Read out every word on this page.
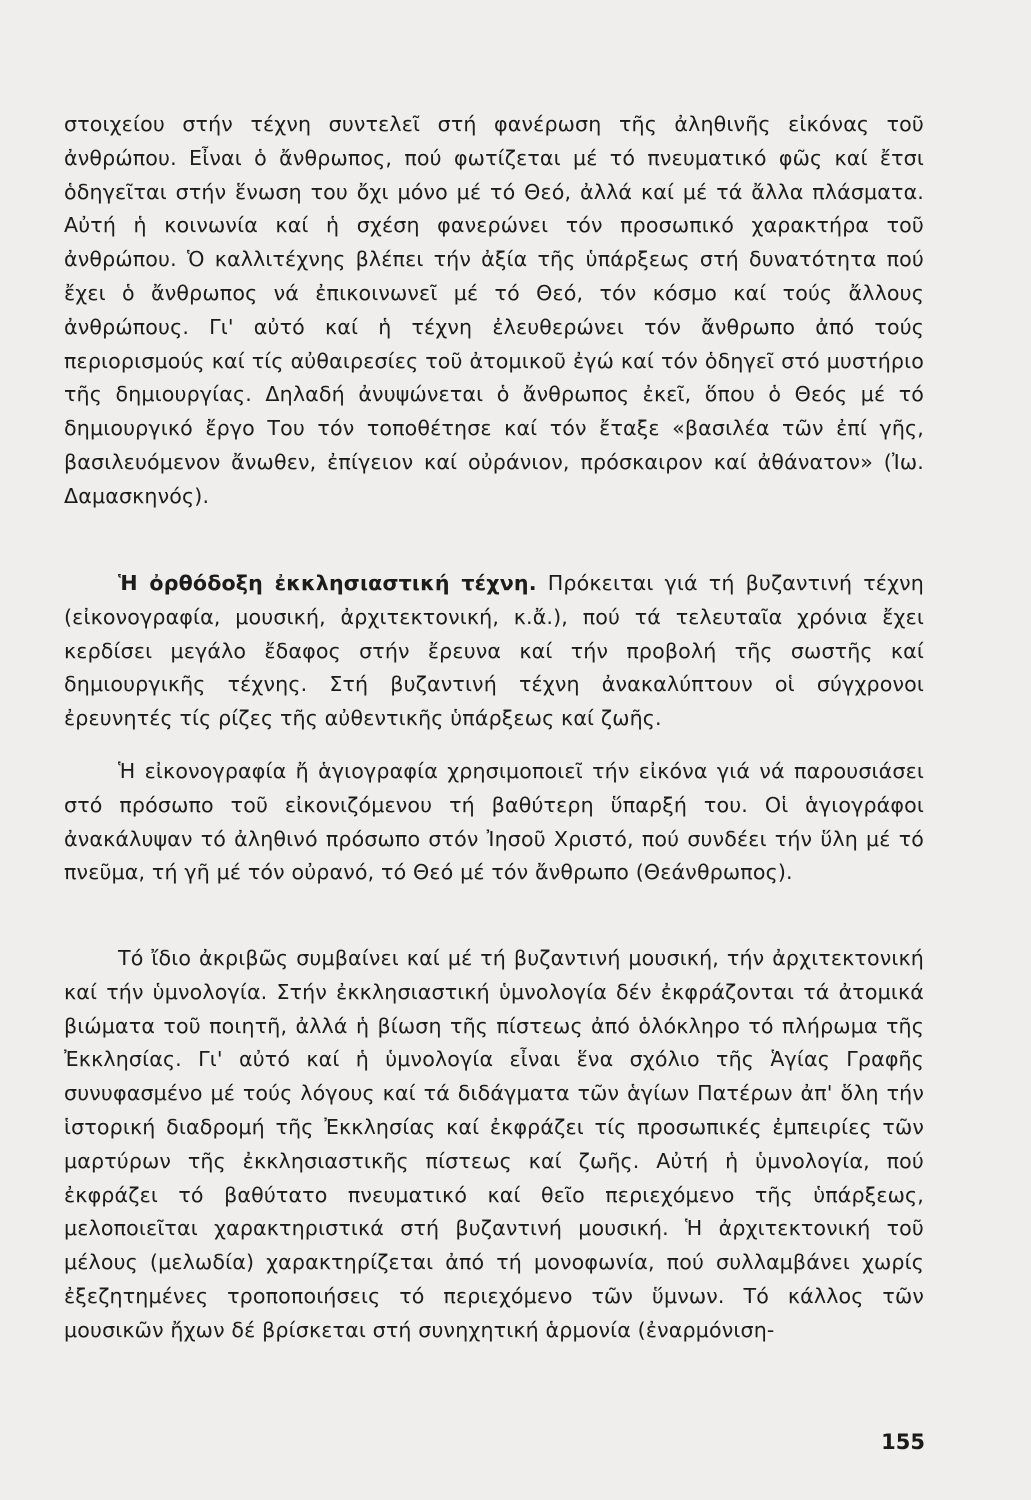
στοιχείου στήν τέχνη συντελεῖ στή φανέρωση τῆς ἀληθινῆς εἰκόνας τοῦ ἀνθρώπου. Εἶναι ὁ ἄνθρωπος, πού φωτίζεται μέ τό πνευματικό φῶς καί ἔτσι ὁδηγεῖται στήν ἕνωση του ὄχι μόνο μέ τό Θεό, ἀλλά καί μέ τά ἄλλα πλάσματα. Αὐτή ἡ κοινωνία καί ἡ σχέση φανερώνει τόν προσωπικό χαρακτήρα τοῦ ἀνθρώπου. Ὁ καλλιτέχνης βλέπει τήν ἀξία τῆς ὑπάρξεως στή δυνατότητα πού ἔχει ὁ ἄνθρωπος νά ἐπικοινωνεῖ μέ τό Θεό, τόν κόσμο καί τούς ἄλλους ἀνθρώπους. Γι' αὐτό καί ἡ τέχνη ἐλευθερώνει τόν ἄνθρωπο ἀπό τούς περιορισμούς καί τίς αὐθαιρεσίες τοῦ ἀτομικοῦ ἐγώ καί τόν ὁδηγεῖ στό μυστήριο τῆς δημιουργίας. Δηλαδή ἀνυψώνεται ὁ ἄνθρωπος ἐκεῖ, ὅπου ὁ Θεός μέ τό δημιουργικό ἔργο Του τόν τοποθέτησε καί τόν ἔταξε «βασιλέα τῶν ἐπί γῆς, βασιλευόμενον ἄνωθεν, ἐπίγειον καί οὐράνιον, πρόσκαιρον καί ἀθάνατον» (Ἰω. Δαμασκηνός).

Ἡ ὀρθόδοξη ἐκκλησιαστική τέχνη. Πρόκειται γιά τή βυζαντινή τέχνη (εἰκονογραφία, μουσική, ἀρχιτεκτονική, κ.ἄ.), πού τά τελευταῖα χρόνια ἔχει κερδίσει μεγάλο ἔδαφος στήν ἔρευνα καί τήν προβολή τῆς σωστῆς καί δημιουργικῆς τέχνης. Στή βυζαντινή τέχνη ἀνακαλύπτουν οἱ σύγχρονοι ἐρευνητές τίς ρίζες τῆς αὐθεντικῆς ὑπάρξεως καί ζωῆς.

Ἡ εἰκονογραφία ἤ ἁγιογραφία χρησιμοποιεῖ τήν εἰκόνα γιά νά παρουσιάσει στό πρόσωπο τοῦ εἰκονιζόμενου τή βαθύτερη ὕπαρξή του. Οἱ ἁγιογράφοι ἀνακάλυψαν τό ἀληθινό πρόσωπο στόν Ἰησοῦ Χριστό, πού συνδέει τήν ὕλη μέ τό πνεῦμα, τή γῆ μέ τόν οὐρανό, τό Θεό μέ τόν ἄνθρωπο (Θεάνθρωπος).

Τό ἴδιο ἀκριβῶς συμβαίνει καί μέ τή βυζαντινή μουσική, τήν ἀρχιτεκτονική καί τήν ὑμνολογία. Στήν ἐκκλησιαστική ὑμνολογία δέν ἐκφράζονται τά ἀτομικά βιώματα τοῦ ποιητῆ, ἀλλά ἡ βίωση τῆς πίστεως ἀπό ὁλόκληρο τό πλήρωμα τῆς Ἐκκλησίας. Γι' αὐτό καί ἡ ὑμνολογία εἶναι ἕνα σχόλιο τῆς Ἁγίας Γραφῆς συνυφασμένο μέ τούς λόγους καί τά διδάγματα τῶν ἁγίων Πατέρων ἀπ' ὅλη τήν ἱστορική διαδρομή τῆς Ἐκκλησίας καί ἐκφράζει τίς προσωπικές ἐμπειρίες τῶν μαρτύρων τῆς ἐκκλησιαστικῆς πίστεως καί ζωῆς. Αὐτή ἡ ὑμνολογία, πού ἐκφράζει τό βαθύτατο πνευματικό καί θεῖο περιεχόμενο τῆς ὑπάρξεως, μελοποιεῖται χαρακτηριστικά στή βυζαντινή μουσική. Ἡ ἀρχιτεκτονική τοῦ μέλους (μελωδία) χαρακτηρίζεται ἀπό τή μονοφωνία, πού συλλαμβάνει χωρίς ἐξεζητημένες τροποποιήσεις τό περιεχόμενο τῶν ὕμνων. Τό κάλλος τῶν μουσικῶν ἤχων δέ βρίσκεται στή συνηχητική ἁρμονία (ἐναρμόνιση-

155
